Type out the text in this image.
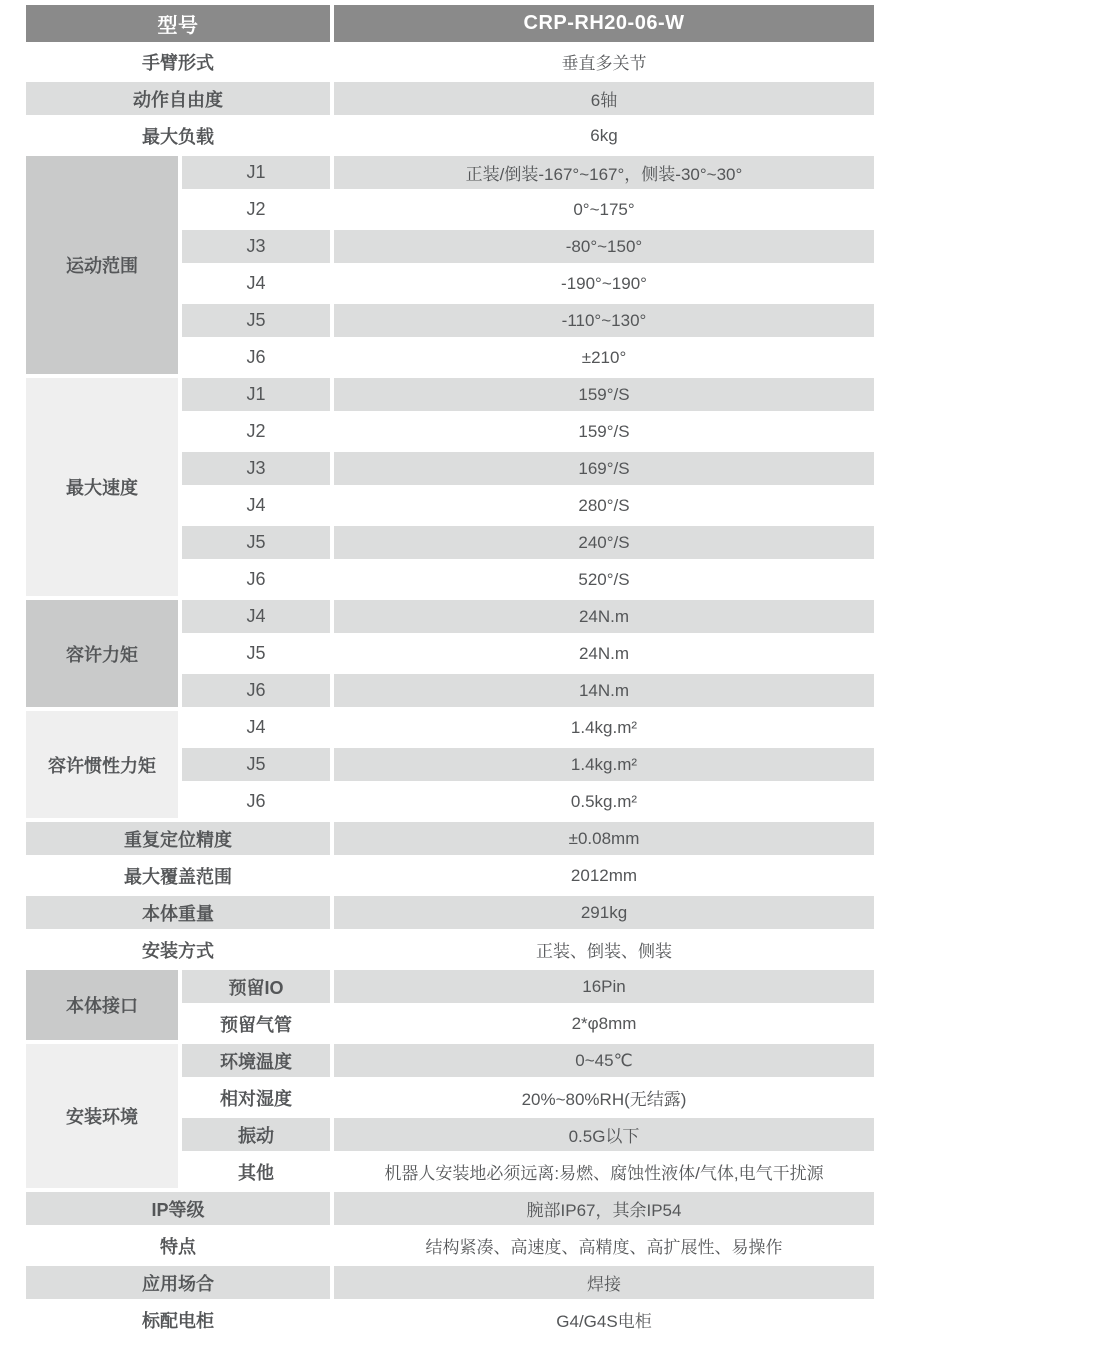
型号	CRP-RH20-06-W
手臂形式	垂直多关节
动作自由度	6轴
最大负载	6kg
运动范围
J1	正装/倒装-167°~167°，侧装-30°~30°
J2	0°~175°
J3	-80°~150°
J4	-190°~190°
J5	-110°~130°
J6	±210°
最大速度
J1	159°/S
J2	159°/S
J3	169°/S
J4	280°/S
J5	240°/S
J6	520°/S
容许力矩
J4	24N.m
J5	24N.m
J6	14N.m
容许惯性力矩
J4	1.4kg.m²
J5	1.4kg.m²
J6	0.5kg.m²
重复定位精度	±0.08mm
最大覆盖范围	2012mm
本体重量	291kg
安装方式	正装、倒装、侧装
本体接口
预留IO	16Pin
预留气管	2*φ8mm
安装环境
环境温度	0~45℃
相对湿度	20%~80%RH(无结露)
振动	0.5G以下
其他	机器人安装地必须远离:易燃、腐蚀性液体/气体,电气干扰源
IP等级	腕部IP67，其余IP54
特点	结构紧凑、高速度、高精度、高扩展性、易操作
应用场合	焊接
标配电柜	G4/G4S电柜
